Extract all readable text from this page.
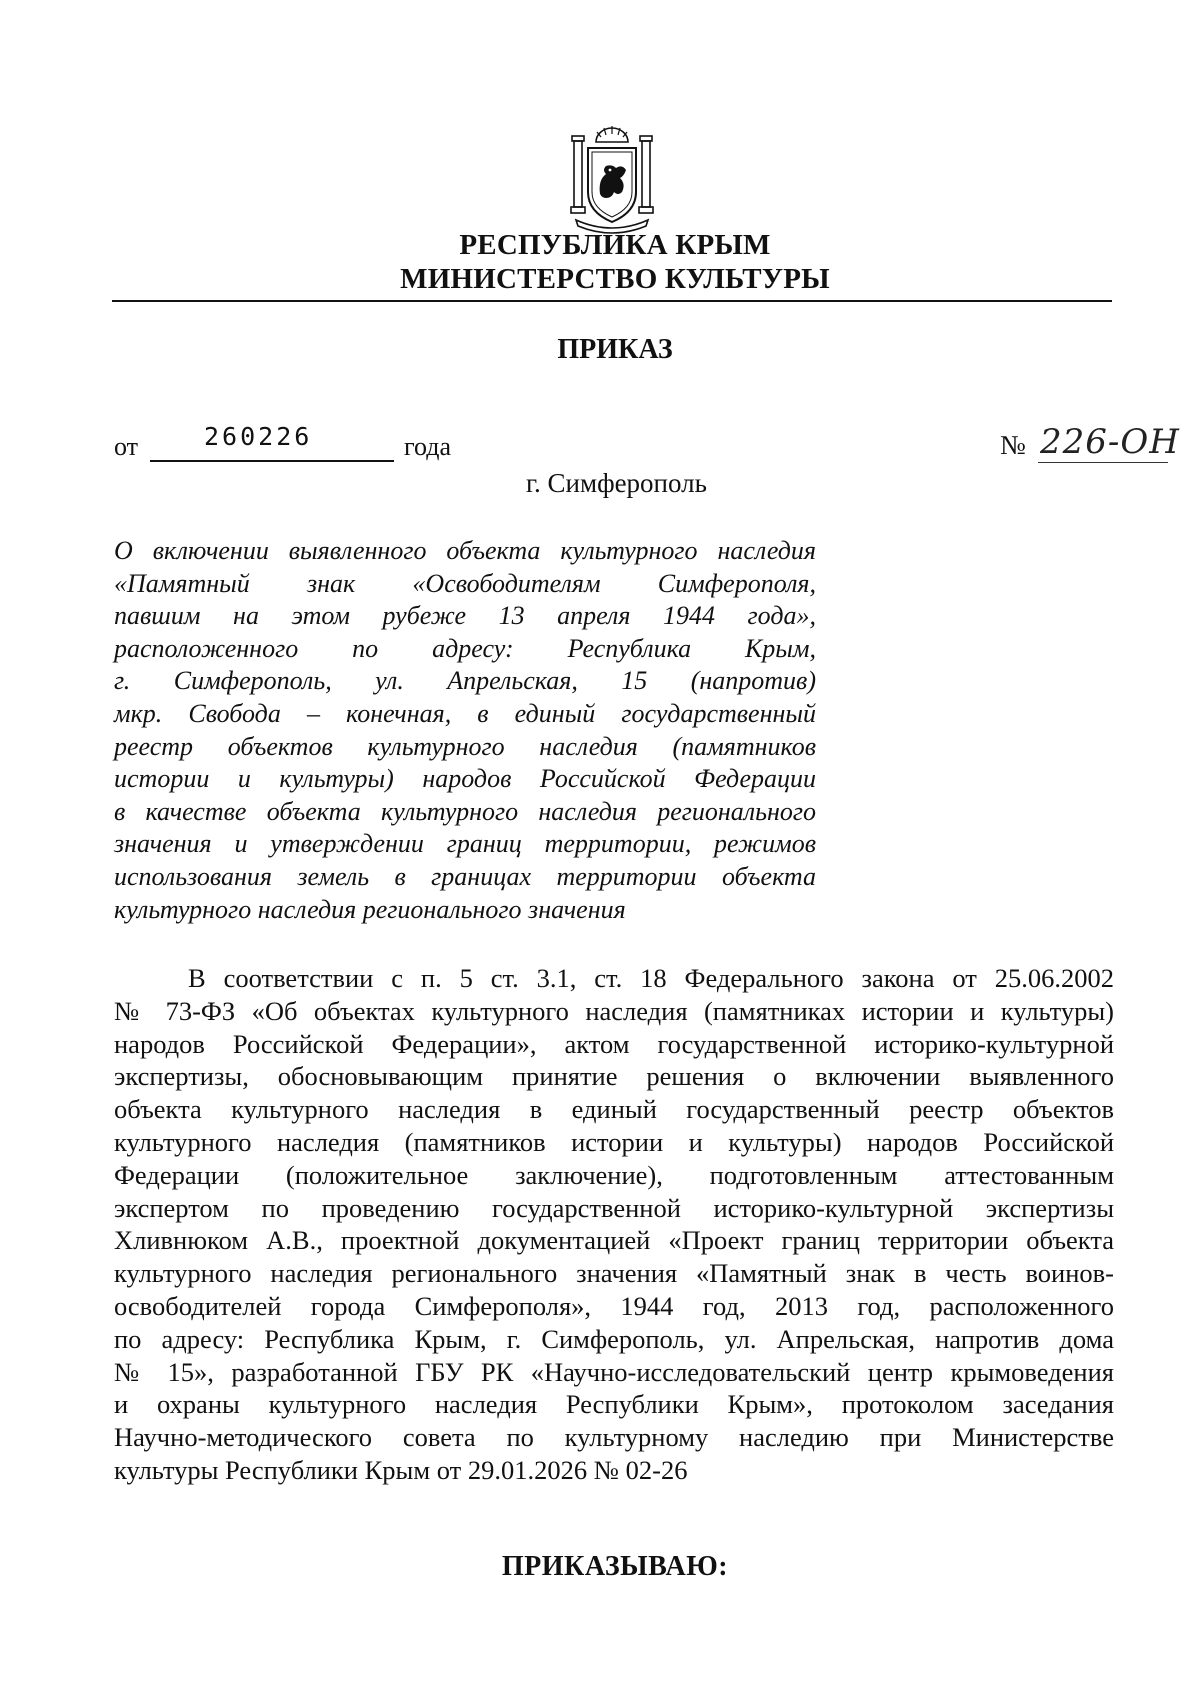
РЕСПУБЛИКА КРЫМ
МИНИСТЕРСТВО КУЛЬТУРЫ
ПРИКАЗ
от	260226	года	№ 226-ОН
г. Симферополь
О включении выявленного объекта культурного наследия
«Памятный знак «Освободителям Симферополя,
павшим на этом рубеже 13 апреля 1944 года»,
расположенного по адресу: Республика Крым,
г. Симферополь, ул. Апрельская, 15 (напротив)
мкр. Свобода – конечная, в единый государственный
реестр объектов культурного наследия (памятников
истории и культуры) народов Российской Федерации
в качестве объекта культурного наследия регионального
значения и утверждении границ территории, режимов
использования земель в границах территории объекта
культурного наследия регионального значения
В соответствии с п. 5 ст. 3.1, ст. 18 Федерального закона от 25.06.2002
№ 73-ФЗ «Об объектах культурного наследия (памятниках истории и культуры)
народов Российской Федерации», актом государственной историко-культурной
экспертизы, обосновывающим принятие решения о включении выявленного
объекта культурного наследия в единый государственный реестр объектов
культурного наследия (памятников истории и культуры) народов Российской
Федерации (положительное заключение), подготовленным аттестованным
экспертом по проведению государственной историко-культурной экспертизы
Хливнюком А.В., проектной документацией «Проект границ территории объекта
культурного наследия регионального значения «Памятный знак в честь воинов-
освободителей города Симферополя», 1944 год, 2013 год, расположенного
по адресу: Республика Крым, г. Симферополь, ул. Апрельская, напротив дома
№ 15», разработанной ГБУ РК «Научно-исследовательский центр крымоведения
и охраны культурного наследия Республики Крым», протоколом заседания
Научно-методического совета по культурному наследию при Министерстве
культуры Республики Крым от 29.01.2026 № 02-26
ПРИКАЗЫВАЮ:
